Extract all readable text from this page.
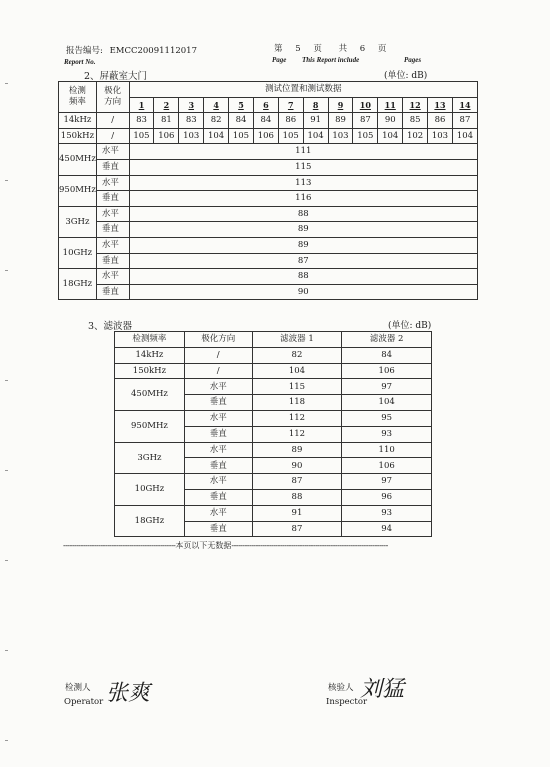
报告编号: EMCC20091112017
Report No.
第 5 页 共 6 页
Page This Report include	Pages
2、屏蔽室大门	(单位: dB)
检测
频率	极化
方向	测试位置和测试数据													
		1	2	3	4	5	6	7	8	9	10	11	12	13	14
14kHz	/	83	81	83	82	84	84	86	91	89	87	90	85	86	87
150kHz	/	105	106	103	104	105	106	105	104	103	105	104	102	103	104
450MHz	水平	111													
	垂直	115													
950MHz	水平	113													
	垂直	116													
3GHz	水平	88													
	垂直	89													
10GHz	水平	89													
	垂直	87													
18GHz	水平	88													
	垂直	90													
3、滤波器	(单位: dB)
检测频率	极化方向	滤波器 1	滤波器 2
14kHz	/	82	84
150kHz	/	104	106
450MHz	水平	115	97
	垂直	118	104
950MHz	水平	112	95
	垂直	112	93
3GHz	水平	89	110
	垂直	90	106
10GHz	水平	87	97
	垂直	88	96
18GHz	水平	91	93
	垂直	87	94
---------------------------------------------------本页以下无数据-----------------------------------------------------------------------
检测人
Operator 张爽	核验人
Inspector
刘猛
